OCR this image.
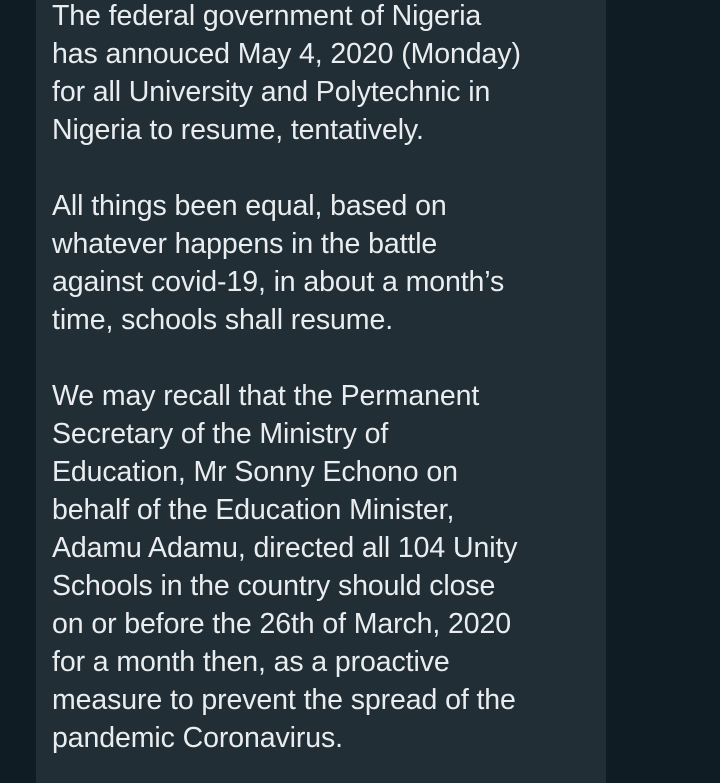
The federal government of Nigeria
has annouced May 4, 2020 (Monday)
for all University and Polytechnic in
Nigeria to resume, tentatively.

All things been equal, based on
whatever happens in the battle
against covid-19, in about a month’s
time, schools shall resume.

We may recall that the Permanent
Secretary of the Ministry of
Education, Mr Sonny Echono on
behalf of the Education Minister,
Adamu Adamu, directed all 104 Unity
Schools in the country should close
on or before the 26th of March, 2020
for a month then, as a proactive
measure to prevent the spread of the
pandemic Coronavirus.
